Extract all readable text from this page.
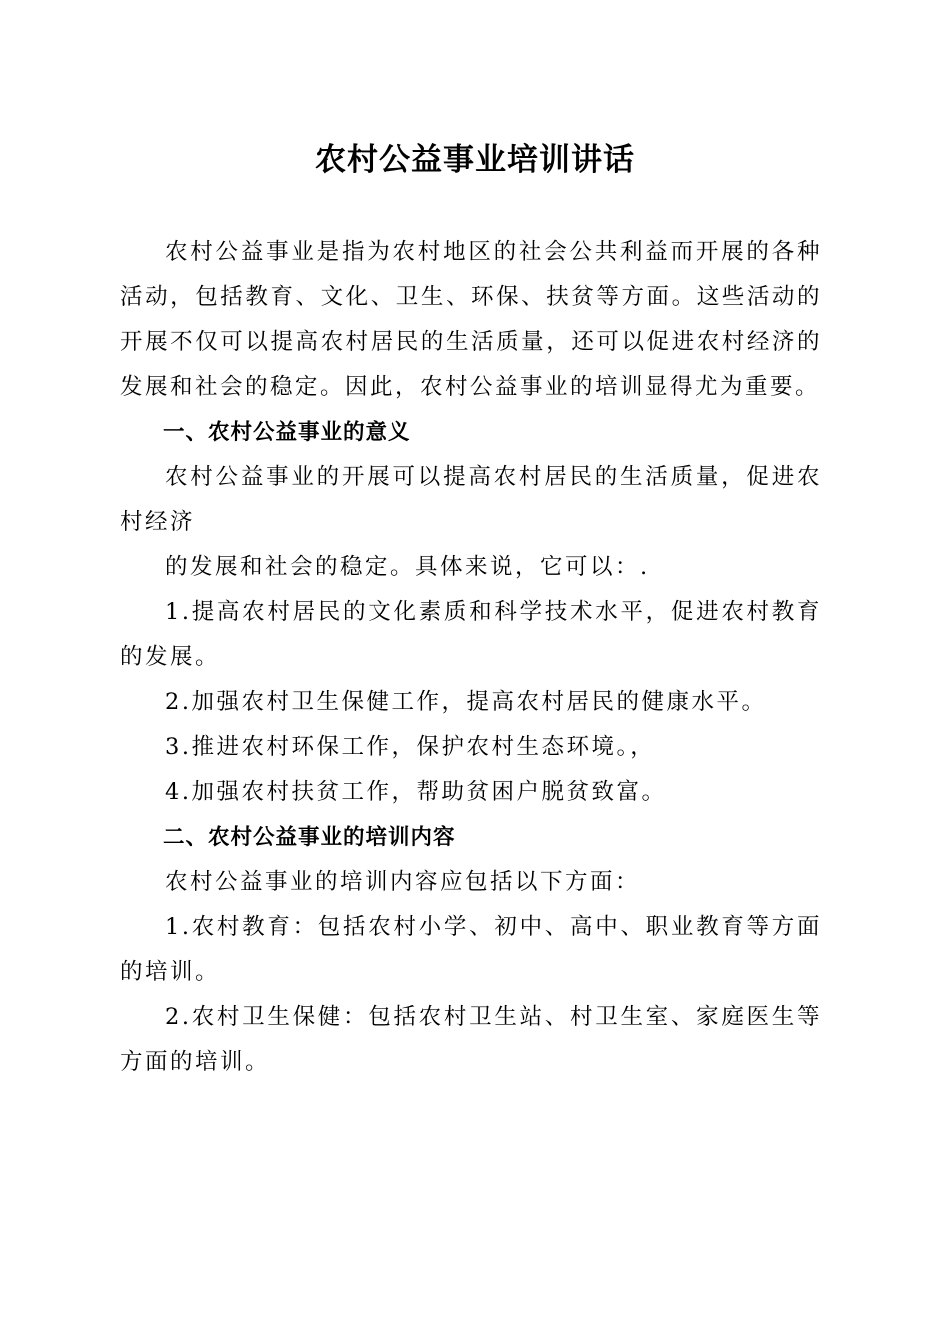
农村公益事业培训讲话

农村公益事业是指为农村地区的社会公共利益而开展的各种活动，包括教育、文化、卫生、环保、扶贫等方面。这些活动的开展不仅可以提高农村居民的生活质量，还可以促进农村经济的发展和社会的稳定。因此，农村公益事业的培训显得尤为重要。

一、农村公益事业的意义

农村公益事业的开展可以提高农村居民的生活质量，促进农村经济

的发展和社会的稳定。具体来说，它可以：.

1.提高农村居民的文化素质和科学技术水平，促进农村教育的发展。

2.加强农村卫生保健工作，提高农村居民的健康水平。

3.推进农村环保工作，保护农村生态环境。，

4.加强农村扶贫工作，帮助贫困户脱贫致富。

二、农村公益事业的培训内容

农村公益事业的培训内容应包括以下方面：

1.农村教育：包括农村小学、初中、高中、职业教育等方面的培训。

2.农村卫生保健：包括农村卫生站、村卫生室、家庭医生等方面的培训。
